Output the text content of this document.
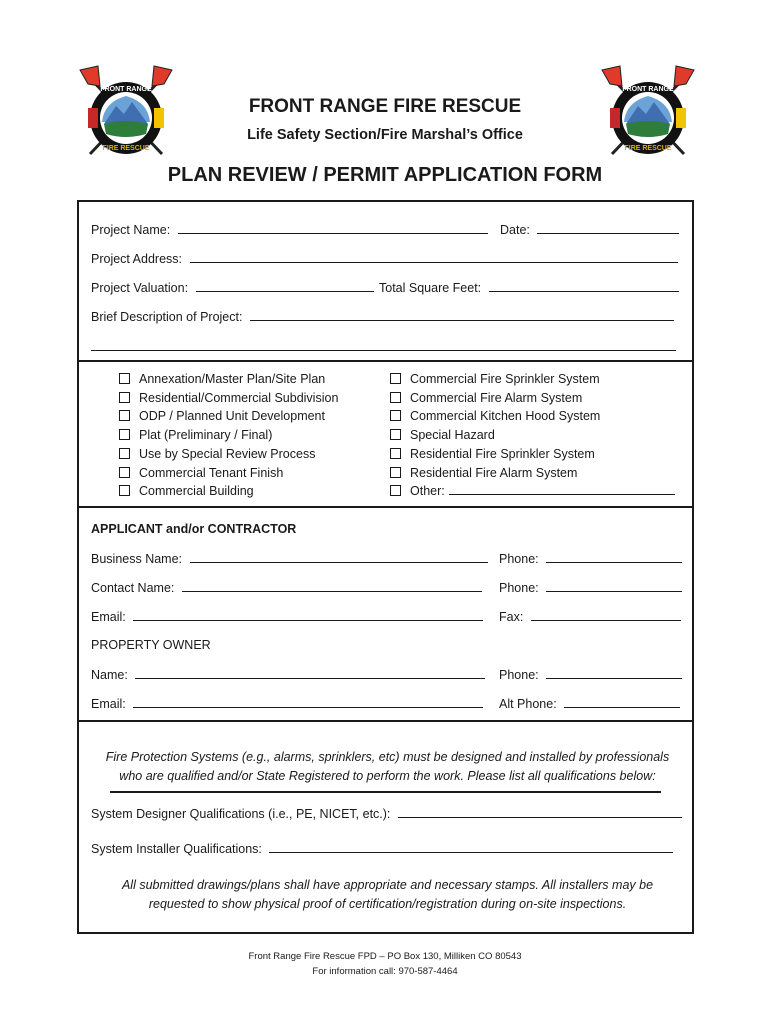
FRONT RANGE
FIRE RESCUE
FRONT RANGE
FIRE RESCUE
FRONT RANGE FIRE RESCUE
Life Safety Section/Fire Marshal’s Office
PLAN REVIEW / PERMIT APPLICATION FORM
Project Name:	Date:
Project Address:
Project Valuation:	Total Square Feet:
Brief Description of Project:
Annexation/Master Plan/Site Plan
Residential/Commercial Subdivision
ODP / Planned Unit Development
Plat (Preliminary / Final)
Use by Special Review Process
Commercial Tenant Finish
Commercial Building
Commercial Fire Sprinkler System
Commercial Fire Alarm System
Commercial Kitchen Hood System
Special Hazard
Residential Fire Sprinkler System
Residential Fire Alarm System
Other:
APPLICANT and/or CONTRACTOR
Business Name:	Phone:
Contact Name:	Phone:
Email:	Fax:
PROPERTY OWNER
Name:	Phone:
Email:	Alt Phone:
Fire Protection Systems (e.g., alarms, sprinklers, etc) must be designed and installed by professionals
who are qualified and/or State Registered to perform the work. Please list all qualifications below:
System Designer Qualifications (i.e., PE, NICET, etc.):
System Installer Qualifications:
All submitted drawings/plans shall have appropriate and necessary stamps. All installers may be
requested to show physical proof of certification/registration during on-site inspections.
Front Range Fire Rescue FPD – PO Box 130, Milliken CO 80543
For information call: 970-587-4464
